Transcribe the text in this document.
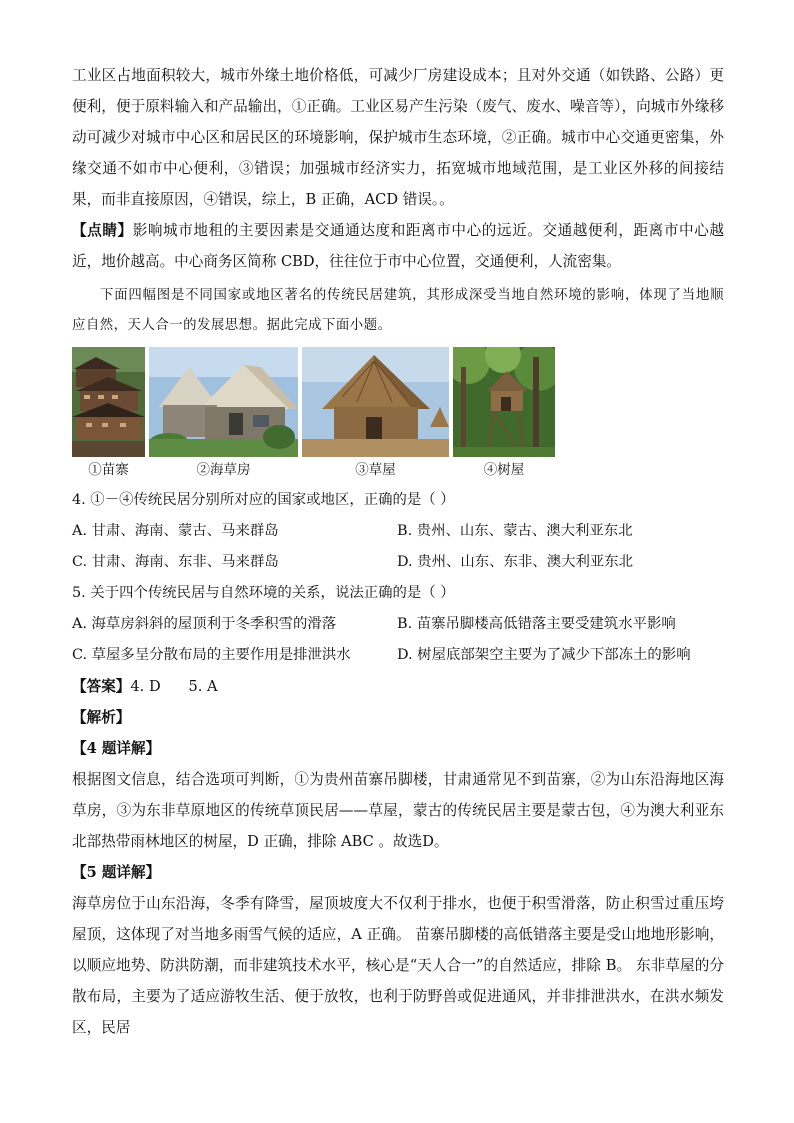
工业区占地面积较大，城市外缘土地价格低，可减少厂房建设成本；且对外交通（如铁路、公路）更便利，便于原料输入和产品输出，①正确。工业区易产生污染（废气、废水、噪音等），向城市外缘移动可减少对城市中心区和居民区的环境影响，保护城市生态环境，②正确。城市中心交通更密集，外缘交通不如市中心便利，③错误；加强城市经济实力，拓宽城市地域范围，是工业区外移的间接结果，而非直接原因，④错误，综上，B 正确，ACD 错误。。

【点睛】影响城市地租的主要因素是交通通达度和距离市中心的远近。交通越便利，距离市中心越近，地价越高。中心商务区简称 CBD，往往位于市中心位置，交通便利，人流密集。

下面四幅图是不同国家或地区著名的传统民居建筑，其形成深受当地自然环境的影响，体现了当地顺应自然，天人合一的发展思想。据此完成下面小题。

①苗寨	②海草房	③草屋	④树屋
4. ①－④传统民居分别所对应的国家或地区，正确的是（ ）
A. 甘肃、海南、蒙古、马来群岛	B. 贵州、山东、蒙古、澳大利亚东北
C. 甘肃、海南、东非、马来群岛	D. 贵州、山东、东非、澳大利亚东北
5. 关于四个传统民居与自然环境的关系，说法正确的是（ ）
A. 海草房斜斜的屋顶利于冬季积雪的滑落	B. 苗寨吊脚楼高低错落主要受建筑水平影响
C. 草屋多呈分散布局的主要作用是排泄洪水	D. 树屋底部架空主要为了减少下部冻土的影响

【答案】4. D      5. A

【解析】

【4 题详解】

根据图文信息，结合选项可判断，①为贵州苗寨吊脚楼，甘肃通常见不到苗寨，②为山东沿海地区海草房，③为东非草原地区的传统草顶民居——草屋，蒙古的传统民居主要是蒙古包，④为澳大利亚东北部热带雨林地区的树屋，D 正确，排除 ABC 。故选D。

【5 题详解】

海草房位于山东沿海，冬季有降雪，屋顶坡度大不仅利于排水，也便于积雪滑落，防止积雪过重压垮屋顶，这体现了对当地多雨雪气候的适应，A 正确。 苗寨吊脚楼的高低错落主要是受山地地形影响，以顺应地势、防洪防潮，而非建筑技术水平，核心是“天人合一”的自然适应，排除 B。 东非草屋的分散布局，主要为了适应游牧生活、便于放牧，也利于防野兽或促进通风，并非排泄洪水，在洪水频发区，民居
